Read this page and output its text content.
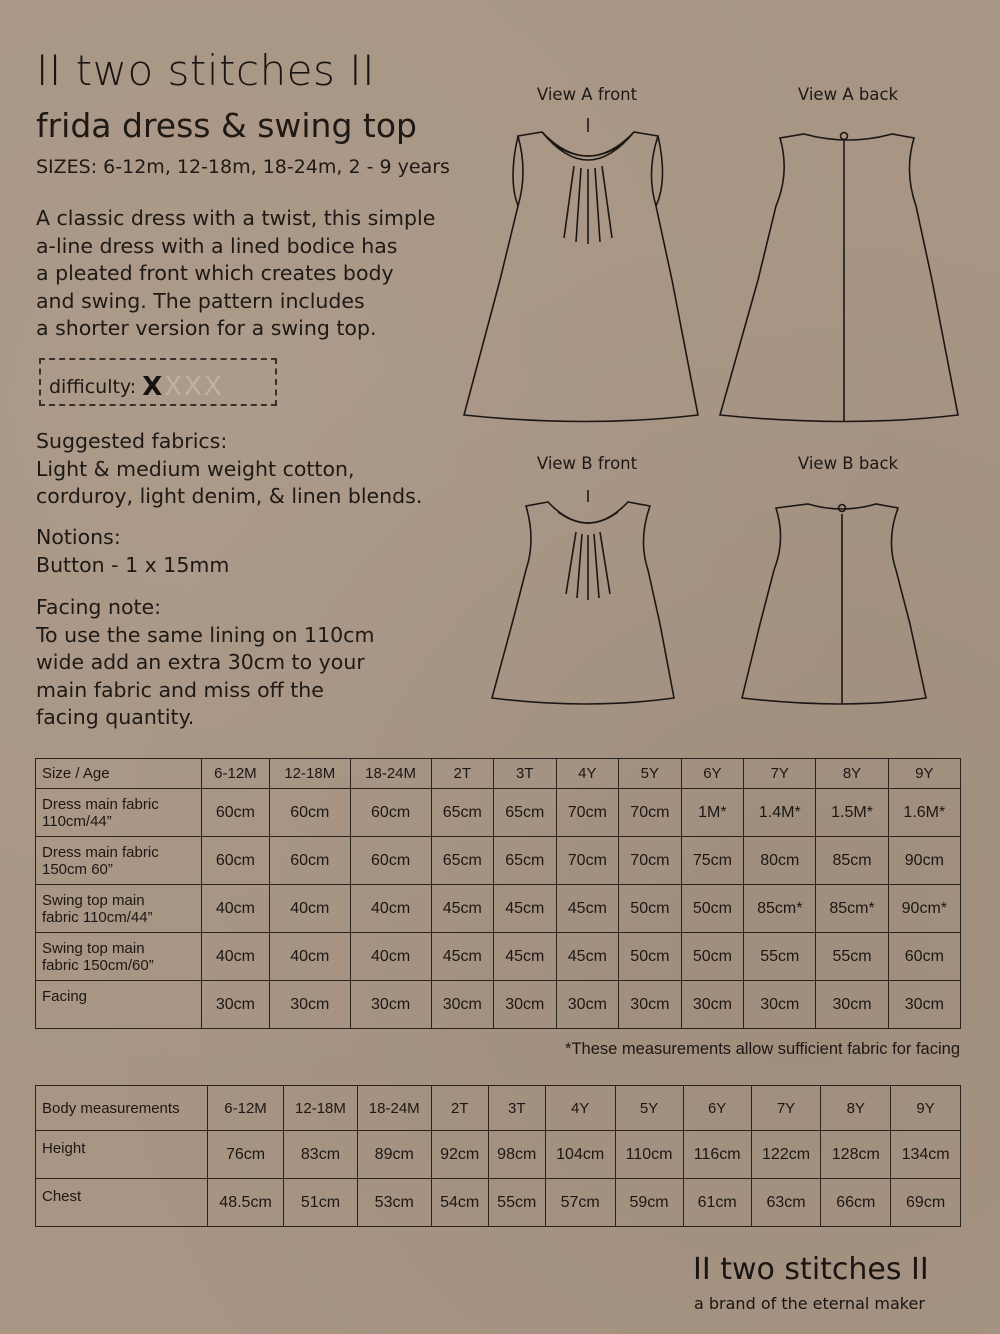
II two stitches II
frida dress & swing top
SIZES: 6-12m, 12-18m, 18-24m, 2 - 9 years
A classic dress with a twist, this simple
a-line dress with a lined bodice has
a pleated front which creates body
and swing. The pattern includes
a shorter version for a swing top.
difficulty: X X X X
Suggested fabrics:
Light & medium weight cotton,
corduroy, light denim, & linen blends.
Notions:
Button - 1 x 15mm
Facing note:
To use the same lining on 110cm
wide add an extra 30cm to your
main fabric and miss off the
facing quantity.
View A front	View A back
View B front	View B back
Size / Age	6-12M	12-18M	18-24M	2T	3T	4Y	5Y	6Y	7Y	8Y	9Y

Dress main fabric
110cm/44”	60cm	60cm	60cm	65cm	65cm	70cm	70cm	1M*	1.4M*	1.5M*	1.6M*

Dress main fabric
150cm 60”	60cm	60cm	60cm	65cm	65cm	70cm	70cm	75cm	80cm	85cm	90cm

Swing top main
fabric 110cm/44”	40cm	40cm	40cm	45cm	45cm	45cm	50cm	50cm	85cm*	85cm*	90cm*

Swing top main
fabric 150cm/60”	40cm	40cm	40cm	45cm	45cm	45cm	50cm	50cm	55cm	55cm	60cm

Facing	30cm	30cm	30cm	30cm	30cm	30cm	30cm	30cm	30cm	30cm	30cm
*These measurements allow sufficient fabric for facing
Body measurements	6-12M	12-18M	18-24M	2T	3T	4Y	5Y	6Y	7Y	8Y	9Y

Height	76cm	83cm	89cm	92cm	98cm	104cm	110cm	116cm	122cm	128cm	134cm

Chest	48.5cm	51cm	53cm	54cm	55cm	57cm	59cm	61cm	63cm	66cm	69cm
II two stitches II
a brand of the eternal maker
